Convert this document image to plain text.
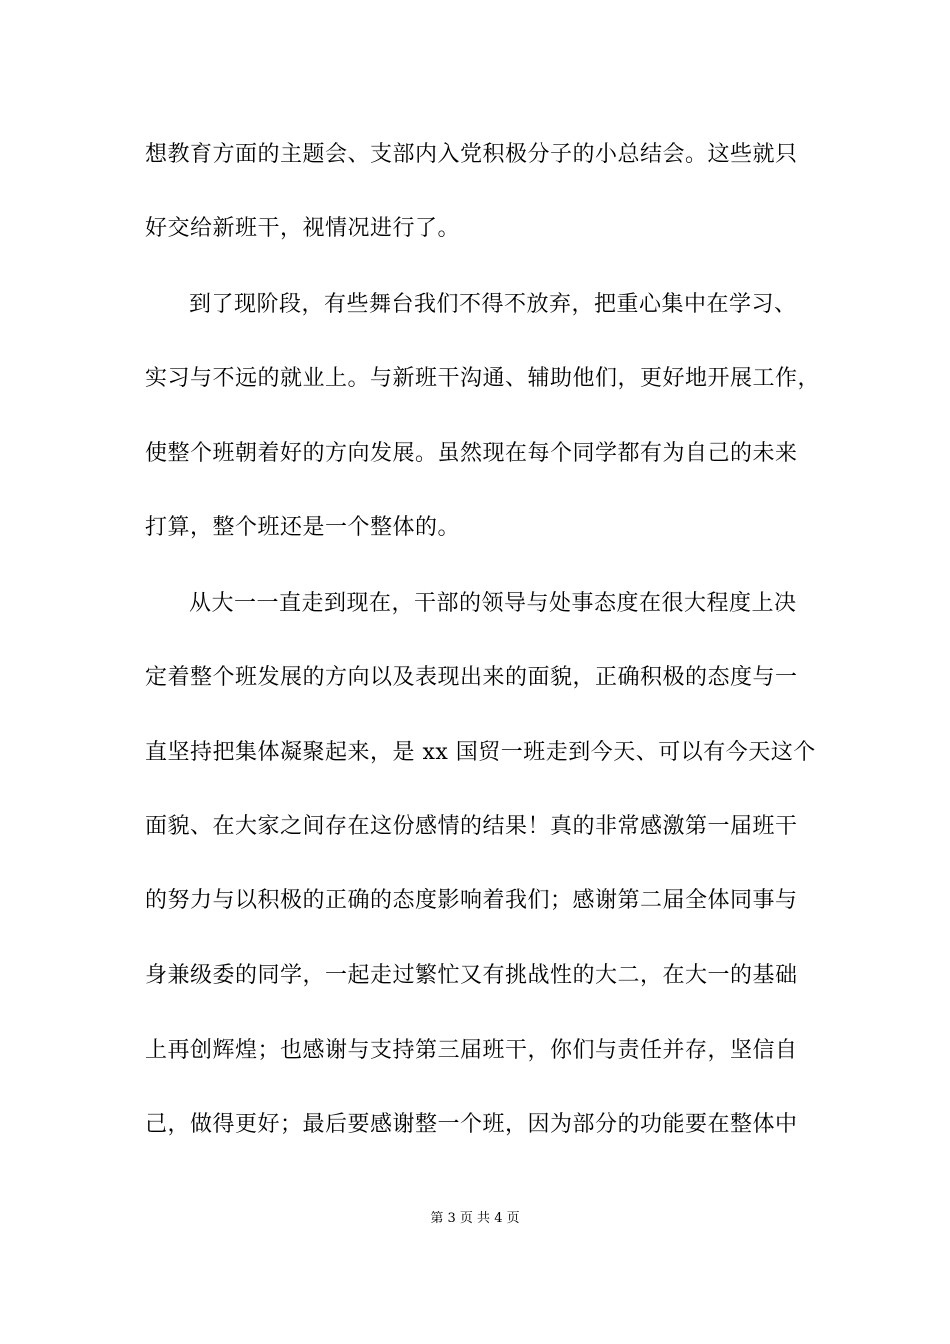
想教育方面的主题会、支部内入党积极分子的小总结会。这些就只
好交给新班干，视情况进行了。
到了现阶段，有些舞台我们不得不放弃，把重心集中在学习、
实习与不远的就业上。与新班干沟通、辅助他们，更好地开展工作，
使整个班朝着好的方向发展。虽然现在每个同学都有为自己的未来
打算，整个班还是一个整体的。
从大一一直走到现在，干部的领导与处事态度在很大程度上决
定着整个班发展的方向以及表现出来的面貌，正确积极的态度与一
直坚持把集体凝聚起来，是 xx 国贸一班走到今天、可以有今天这个
面貌、在大家之间存在这份感情的结果！真的非常感激第一届班干
的努力与以积极的正确的态度影响着我们；感谢第二届全体同事与
身兼级委的同学，一起走过繁忙又有挑战性的大二，在大一的基础
上再创辉煌；也感谢与支持第三届班干，你们与责任并存，坚信自
己，做得更好；最后要感谢整一个班，因为部分的功能要在整体中
第 3 页 共 4 页
